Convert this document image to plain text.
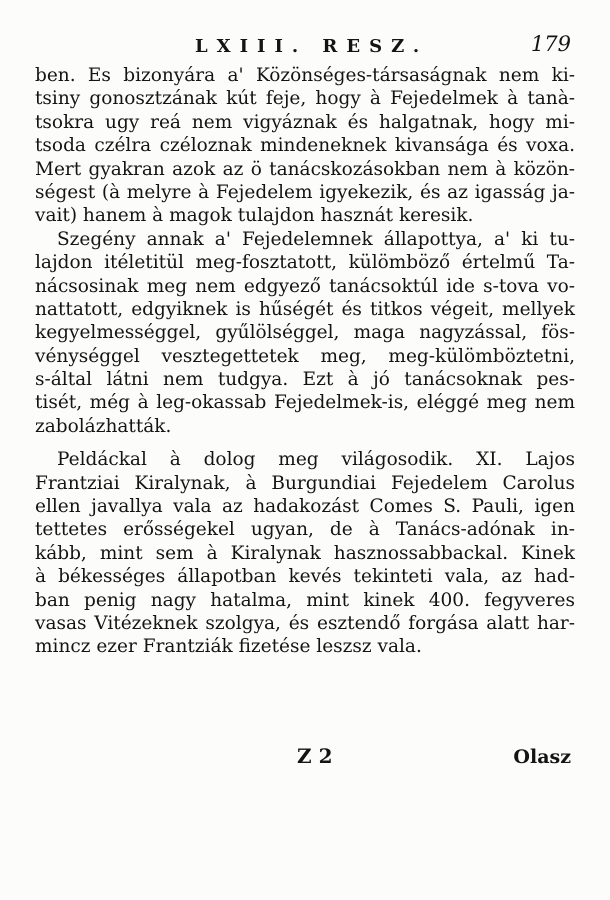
LXIII. RESZ.	179
ben. Es bizonyára a' Közönséges-társaságnak nem ki-
tsiny gonosztzának kút feje, hogy à Fejedelmek à tanà-
tsokra ugy reá nem vigyáznak és halgatnak, hogy mi-
tsoda czélra czéloznak mindeneknek kivansága és voxa.
Mert gyakran azok az ö tanácskozásokban nem à közön-
ségest (à melyre à Fejedelem igyekezik, és az igasság ja-
vait) hanem à magok tulajdon hasznát keresik.
Szegény annak a' Fejedelemnek állapottya, a' ki tu-
lajdon itéletitül meg-fosztatott, külömböző értelmű Ta-
nácsosinak meg nem edgyező tanácsoktúl ide s-tova vo-
nattatott, edgyiknek is hűségét és titkos végeit, mellyek
kegyelmességgel, gyűlölséggel, maga nagyzással, fös-
vénységgel vesztegettetek meg, meg-külömböztetni,
s-által látni nem tudgya. Ezt à jó tanácsoknak pes-
tisét, még à leg-okassab Fejedelmek-is, eléggé meg nem
zabolázhatták.
Peldáckal à dolog meg világosodik. XI. Lajos
Frantziai Kiralynak, à Burgundiai Fejedelem Carolus
ellen javallya vala az hadakozást Comes S. Pauli, igen
tettetes erősségekel ugyan, de à Tanács-adónak in-
kább, mint sem à Kiralynak hasznossabbackal. Kinek
à békességes állapotban kevés tekinteti vala, az had-
ban penig nagy hatalma, mint kinek 400. fegyveres
vasas Vitézeknek szolgya, és esztendő forgása alatt har-
mincz ezer Frantziák fizetése leszsz vala.
Z 2	Olasz
